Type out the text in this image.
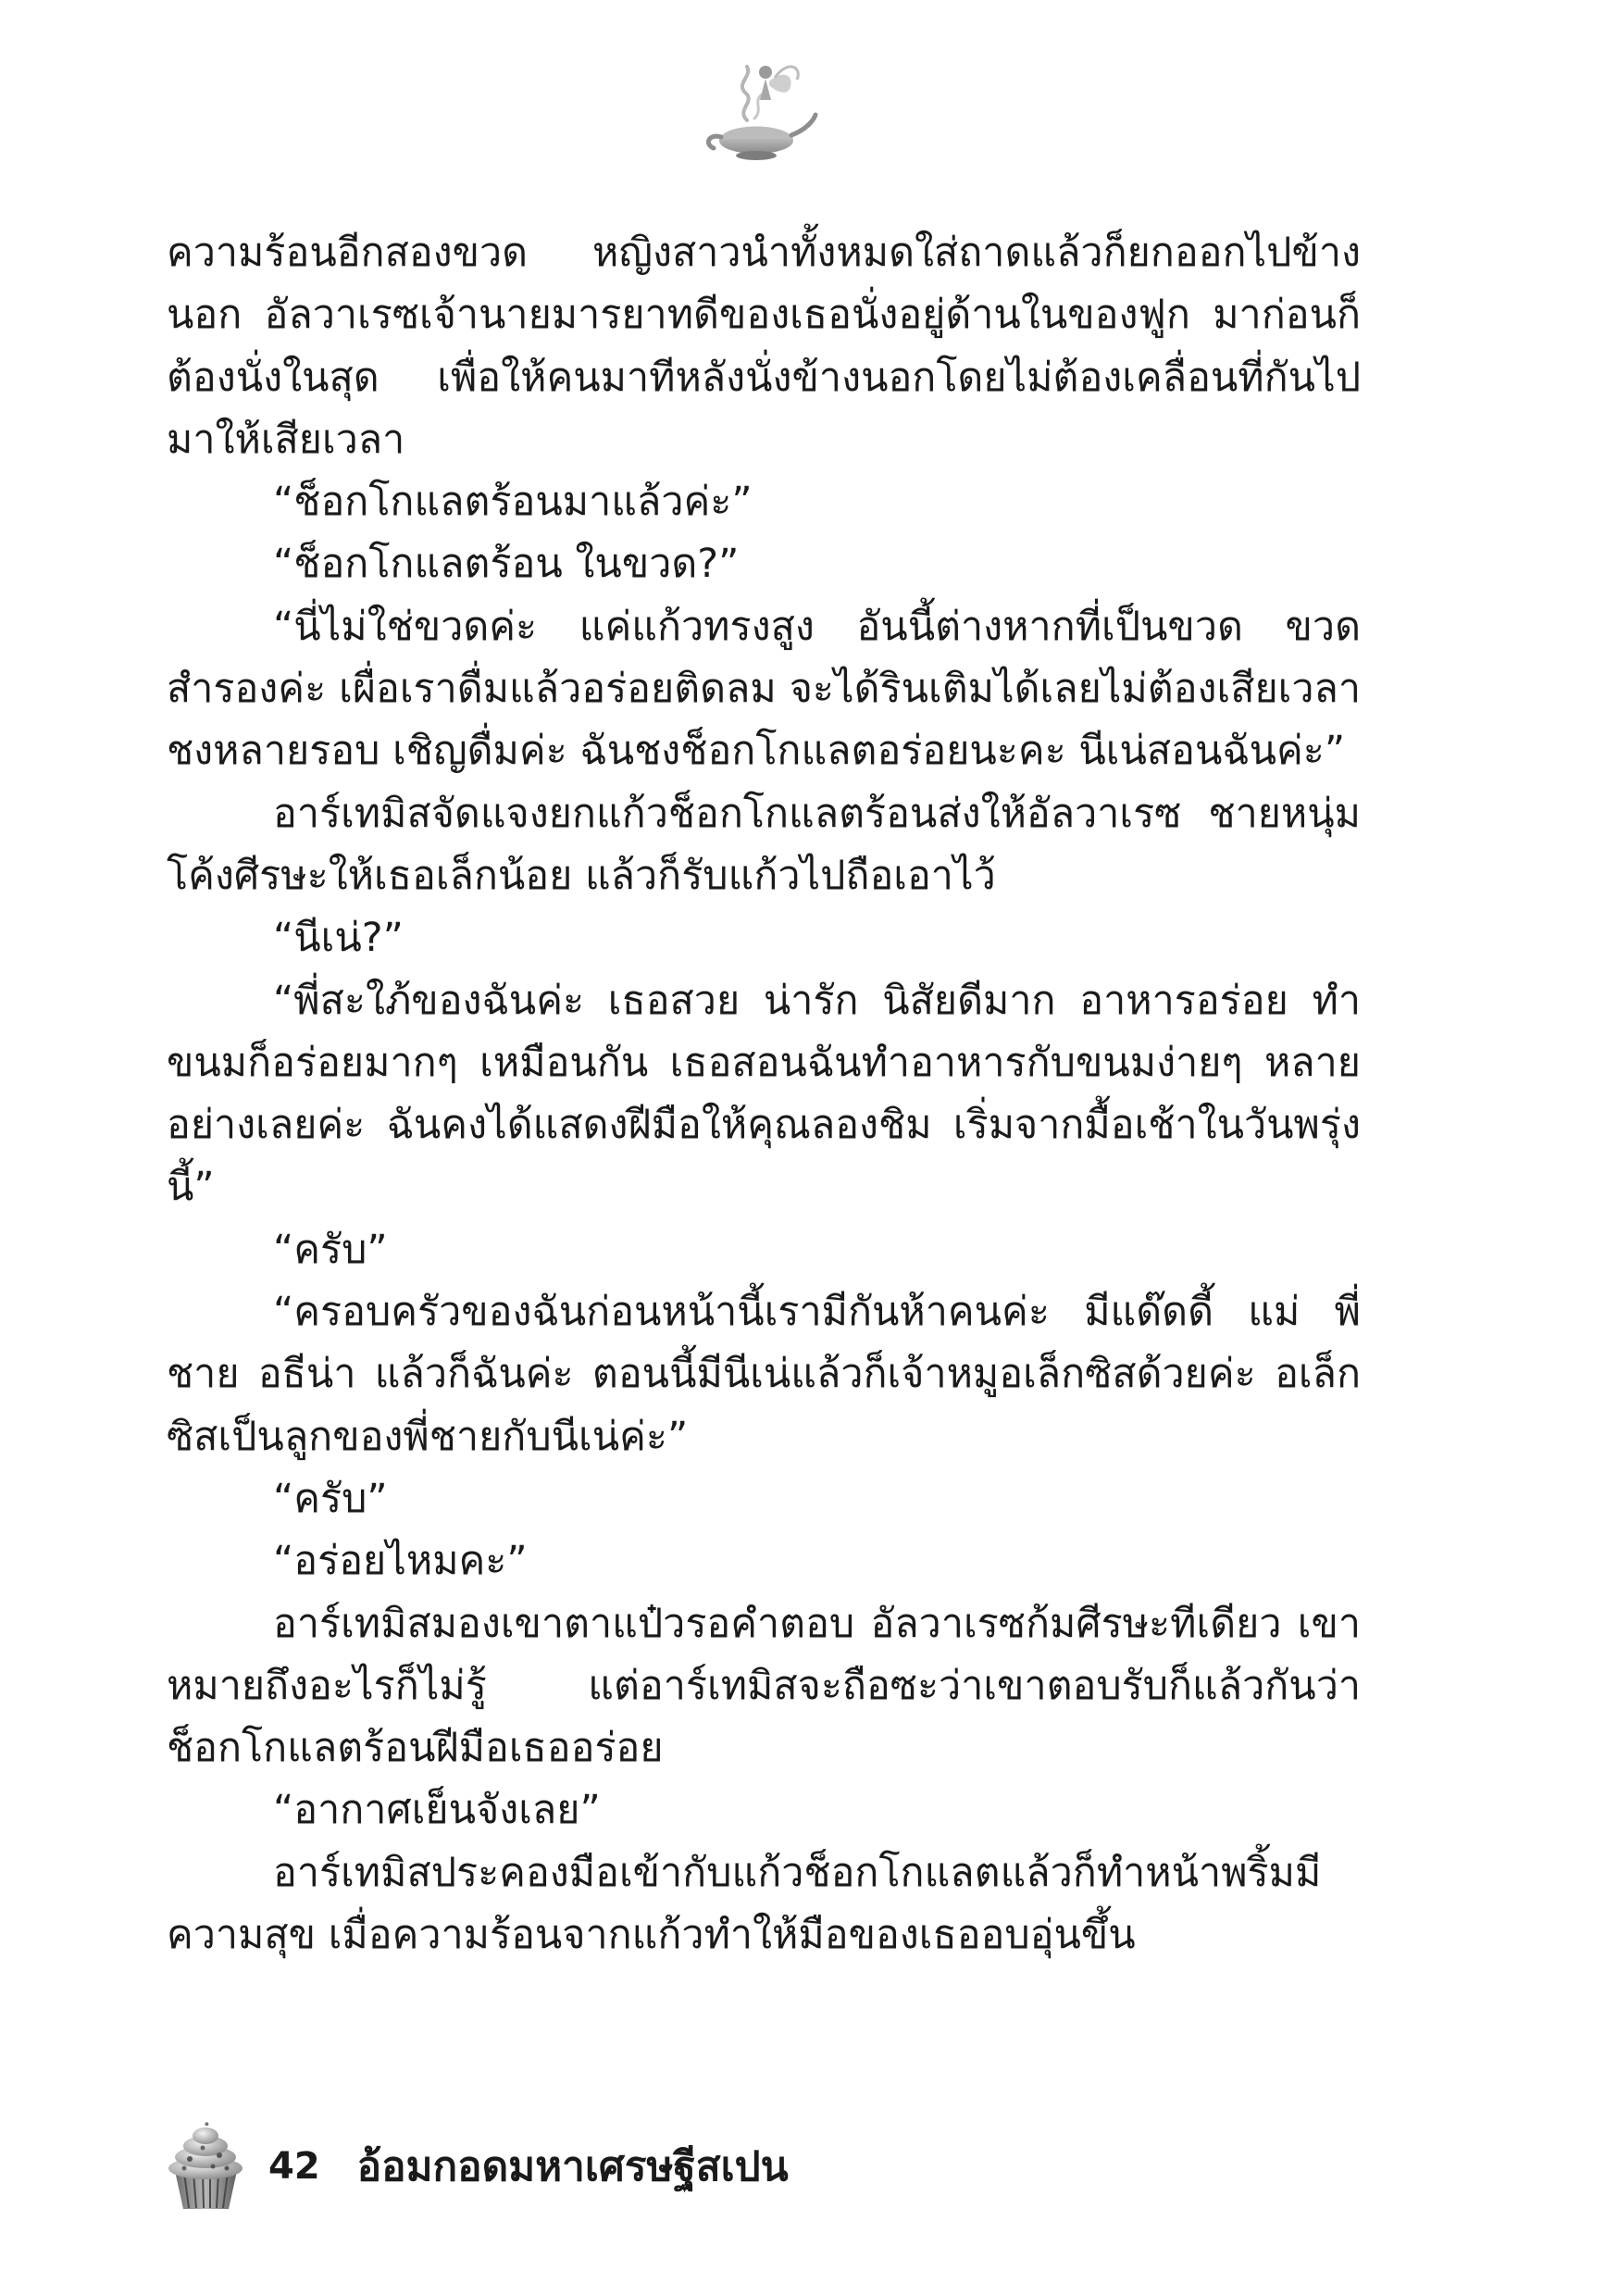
ความร้อนอีกสองขวด หญิงสาวนำทั้งหมดใส่ถาดแล้วก็ยกออกไปข้างนอก อัลวาเรซเจ้านายมารยาทดีของเธอนั่งอยู่ด้านในของฟูก มาก่อนก็ต้องนั่งในสุด เพื่อให้คนมาทีหลังนั่งข้างนอกโดยไม่ต้องเคลื่อนที่กันไปมาให้เสียเวลา

“ช็อกโกแลตร้อนมาแล้วค่ะ”

“ช็อกโกแลตร้อน ในขวด?”

“นี่ไม่ใช่ขวดค่ะ แค่แก้วทรงสูง อันนี้ต่างหากที่เป็นขวด ขวดสำรองค่ะ เผื่อเราดื่มแล้วอร่อยติดลม จะได้รินเติมได้เลยไม่ต้องเสียเวลาชงหลายรอบ เชิญดื่มค่ะ ฉันชงช็อกโกแลตอร่อยนะคะ นีเน่สอนฉันค่ะ”

อาร์เทมิสจัดแจงยกแก้วช็อกโกแลตร้อนส่งให้อัลวาเรซ ชายหนุ่มโค้งศีรษะให้เธอเล็กน้อย แล้วก็รับแก้วไปถือเอาไว้

“นีเน่?”

“พี่สะใภ้ของฉันค่ะ เธอสวย น่ารัก นิสัยดีมาก อาหารอร่อย ทำขนมก็อร่อยมากๆ เหมือนกัน เธอสอนฉันทำอาหารกับขนมง่ายๆ หลายอย่างเลยค่ะ ฉันคงได้แสดงฝีมือให้คุณลองชิม เริ่มจากมื้อเช้าในวันพรุ่งนี้”

“ครับ”

“ครอบครัวของฉันก่อนหน้านี้เรามีกันห้าคนค่ะ มีแด๊ดดี้ แม่ พี่ชาย อธีน่า แล้วก็ฉันค่ะ ตอนนี้มีนีเน่แล้วก็เจ้าหมูอเล็กซิสด้วยค่ะ อเล็กซิสเป็นลูกของพี่ชายกับนีเน่ค่ะ”

“ครับ”

“อร่อยไหมคะ”

อาร์เทมิสมองเขาตาแป๋วรอคำตอบ อัลวาเรซก้มศีรษะทีเดียว เขาหมายถึงอะไรก็ไม่รู้ แต่อาร์เทมิสจะถือซะว่าเขาตอบรับก็แล้วกันว่าช็อกโกแลตร้อนฝีมือเธออร่อย

“อากาศเย็นจังเลย”

อาร์เทมิสประคองมือเข้ากับแก้วช็อกโกแลตแล้วก็ทำหน้าพริ้มมีความสุข เมื่อความร้อนจากแก้วทำให้มือของเธออบอุ่นขึ้น

42 อ้อมกอดมหาเศรษฐีสเปน
